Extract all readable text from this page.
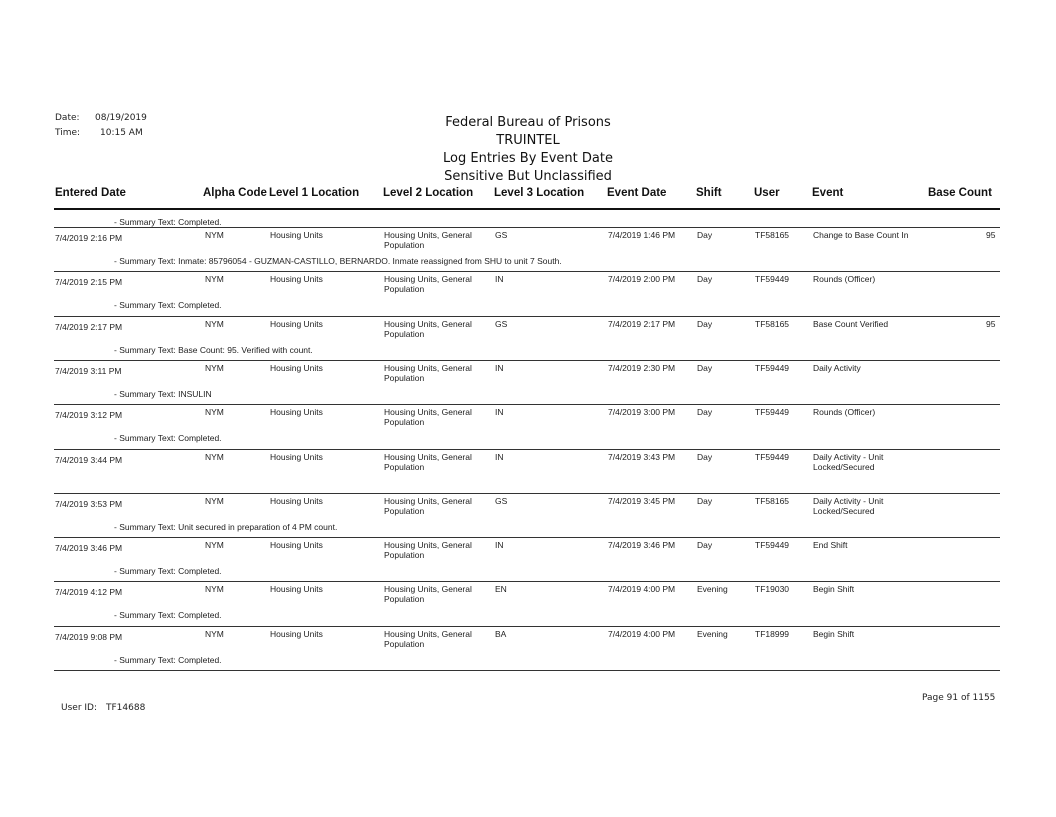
Date: 08/19/2019
Time: 10:15 AM
Federal Bureau of Prisons
TRUINTEL
Log Entries By Event Date
Sensitive But Unclassified
Entered Date	Alpha Code Level 1 Location Level 2 Location Level 3 Location Event Date	Shift	User	Event	Base Count
- Summary Text: Completed.
7/4/2019 2:16 PM	NYM	Housing Units	Housing Units, General Population
GS	7/4/2019 1:46 PM	Day	TF58165	Change to Base Count In	95
- Summary Text: Inmate: 85796054 - GUZMAN-CASTILLO, BERNARDO. Inmate reassigned from SHU to unit 7 South.
7/4/2019 2:15 PM	NYM	Housing Units	Housing Units, General Population
IN	7/4/2019 2:00 PM	Day	TF59449	Rounds (Officer)
- Summary Text: Completed.
7/4/2019 2:17 PM	NYM	Housing Units	Housing Units, General Population
GS	7/4/2019 2:17 PM	Day	TF58165	Base Count Verified	95
- Summary Text: Base Count: 95. Verified with count.
7/4/2019 3:11 PM	NYM	Housing Units	Housing Units, General Population
IN	7/4/2019 2:30 PM	Day	TF59449	Daily Activity
- Summary Text: INSULIN
7/4/2019 3:12 PM	NYM	Housing Units	Housing Units, General Population
IN	7/4/2019 3:00 PM	Day	TF59449	Rounds (Officer)
- Summary Text: Completed.
7/4/2019 3:44 PM	NYM	Housing Units	Housing Units, General Population
IN	7/4/2019 3:43 PM	Day	TF59449	Daily Activity - Unit Locked/Secured
7/4/2019 3:53 PM	NYM	Housing Units	Housing Units, General Population
GS	7/4/2019 3:45 PM	Day	TF58165	Daily Activity - Unit Locked/Secured
- Summary Text: Unit secured in preparation of 4 PM count.
7/4/2019 3:46 PM	NYM	Housing Units	Housing Units, General Population
IN	7/4/2019 3:46 PM	Day	TF59449	End Shift
- Summary Text: Completed.
7/4/2019 4:12 PM	NYM	Housing Units	Housing Units, General Population
EN	7/4/2019 4:00 PM	Evening	TF19030	Begin Shift
- Summary Text: Completed.
7/4/2019 9:08 PM	NYM	Housing Units	Housing Units, General Population
BA	7/4/2019 4:00 PM	Evening	TF18999	Begin Shift
- Summary Text: Completed.
User ID: TF14688
Page 91 of 1155
